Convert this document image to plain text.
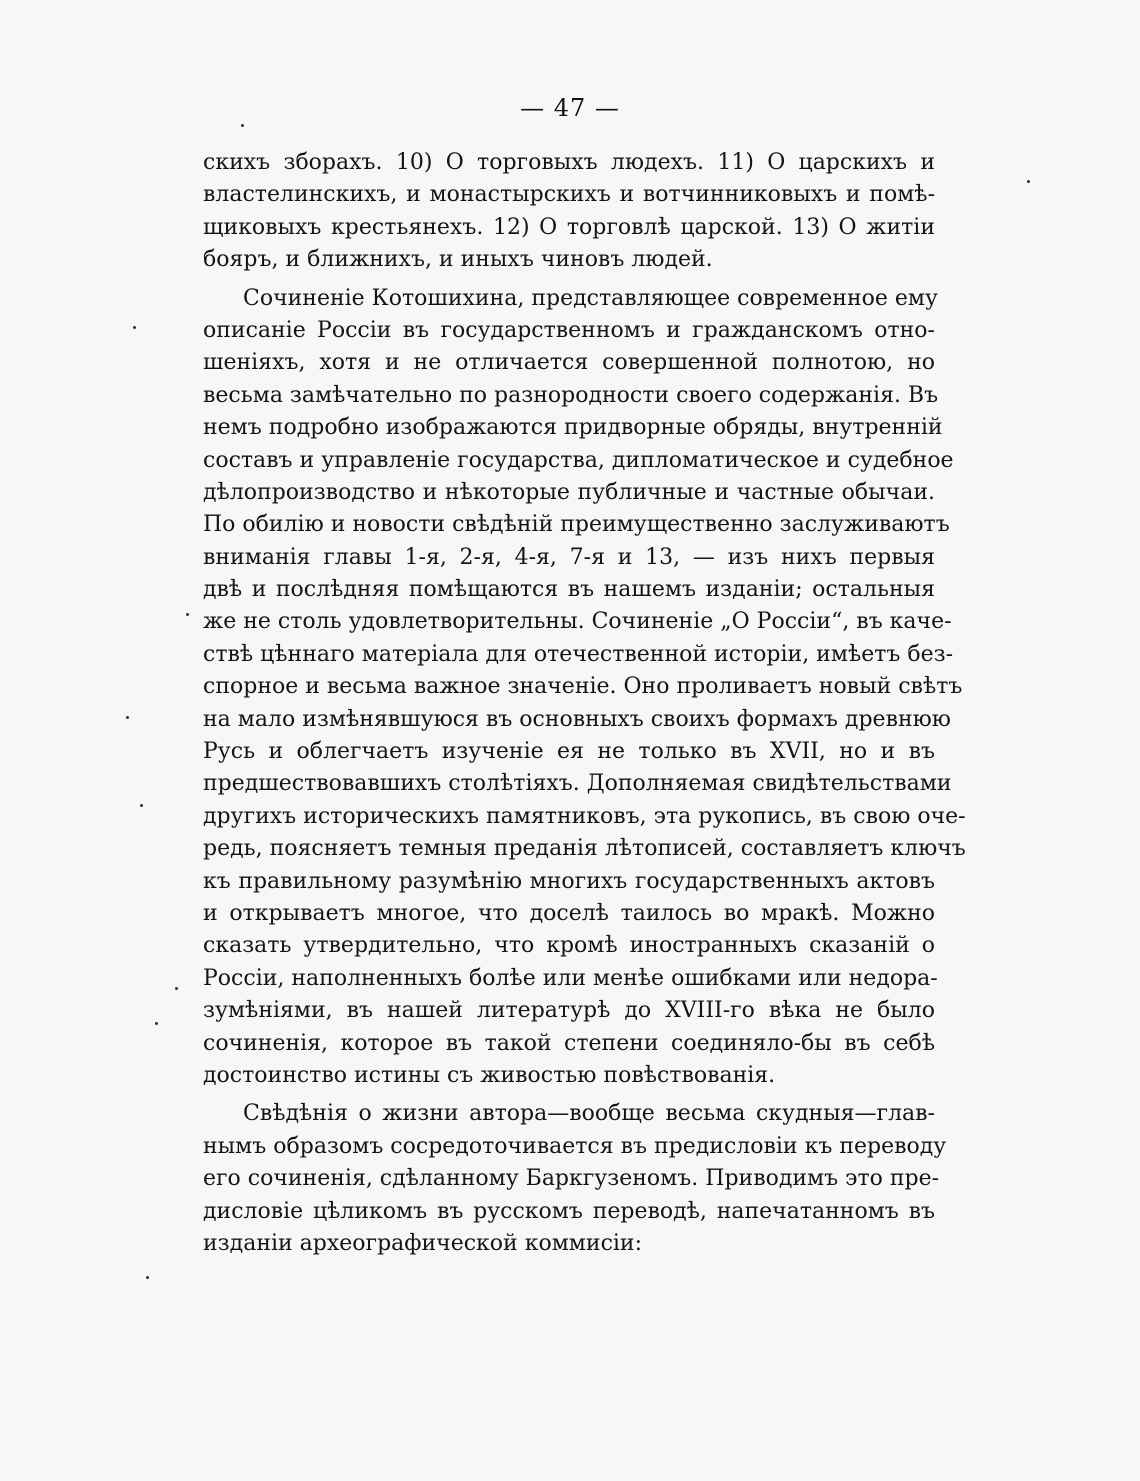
— 47 —
скихъ зборахъ. 10) О торговыхъ людехъ. 11) О царскихъ и
властелинскихъ, и монастырскихъ и вотчинниковыхъ и помѣ-
щиковыхъ крестьянехъ. 12) О торговлѣ царской. 13) О житіи
бояръ, и ближнихъ, и иныхъ чиновъ людей.
Сочиненіе Котошихина, представляющее современное ему
описаніе Россіи въ государственномъ и гражданскомъ отно-
шеніяхъ, хотя и не отличается совершенной полнотою, но
весьма замѣчательно по разнородности своего содержанія. Въ
немъ подробно изображаются придворные обряды, внутренній
составъ и управленіе государства, дипломатическое и судебное
дѣлопроизводство и нѣкоторые публичные и частные обычаи.
По обилію и новости свѣдѣній преимущественно заслуживаютъ
вниманія главы 1-я, 2-я, 4-я, 7-я и 13, — изъ нихъ первыя
двѣ и послѣдняя помѣщаются въ нашемъ изданіи; остальныя
же не столь удовлетворительны. Сочиненіе „О Россіи“, въ каче-
ствѣ цѣннаго матеріала для отечественной исторіи, имѣетъ без-
спорное и весьма важное значеніе. Оно проливаетъ новый свѣтъ
на мало измѣнявшуюся въ основныхъ своихъ формахъ древнюю
Русь и облегчаетъ изученіе ея не только въ XVII, но и въ
предшествовавшихъ столѣтіяхъ. Дополняемая свидѣтельствами
другихъ историческихъ памятниковъ, эта рукопись, въ свою оче-
редь, поясняетъ темныя преданія лѣтописей, составляетъ ключъ
къ правильному разумѣнію многихъ государственныхъ актовъ
и открываетъ многое, что доселѣ таилось во мракѣ. Можно
сказать утвердительно, что кромѣ иностранныхъ сказаній о
Россіи, наполненныхъ болѣе или менѣе ошибками или недора-
зумѣніями, въ нашей литературѣ до XVIII-го вѣка не было
сочиненія, которое въ такой степени соединяло-бы въ себѣ
достоинство истины съ живостью повѣствованія.
Свѣдѣнія о жизни автора—вообще весьма скудныя—глав-
нымъ образомъ сосредоточивается въ предисловіи къ переводу
его сочиненія, сдѣланному Баркгузеномъ. Приводимъ это пре-
дисловіе цѣликомъ въ русскомъ переводѣ, напечатанномъ въ
изданіи археографической коммисіи:
